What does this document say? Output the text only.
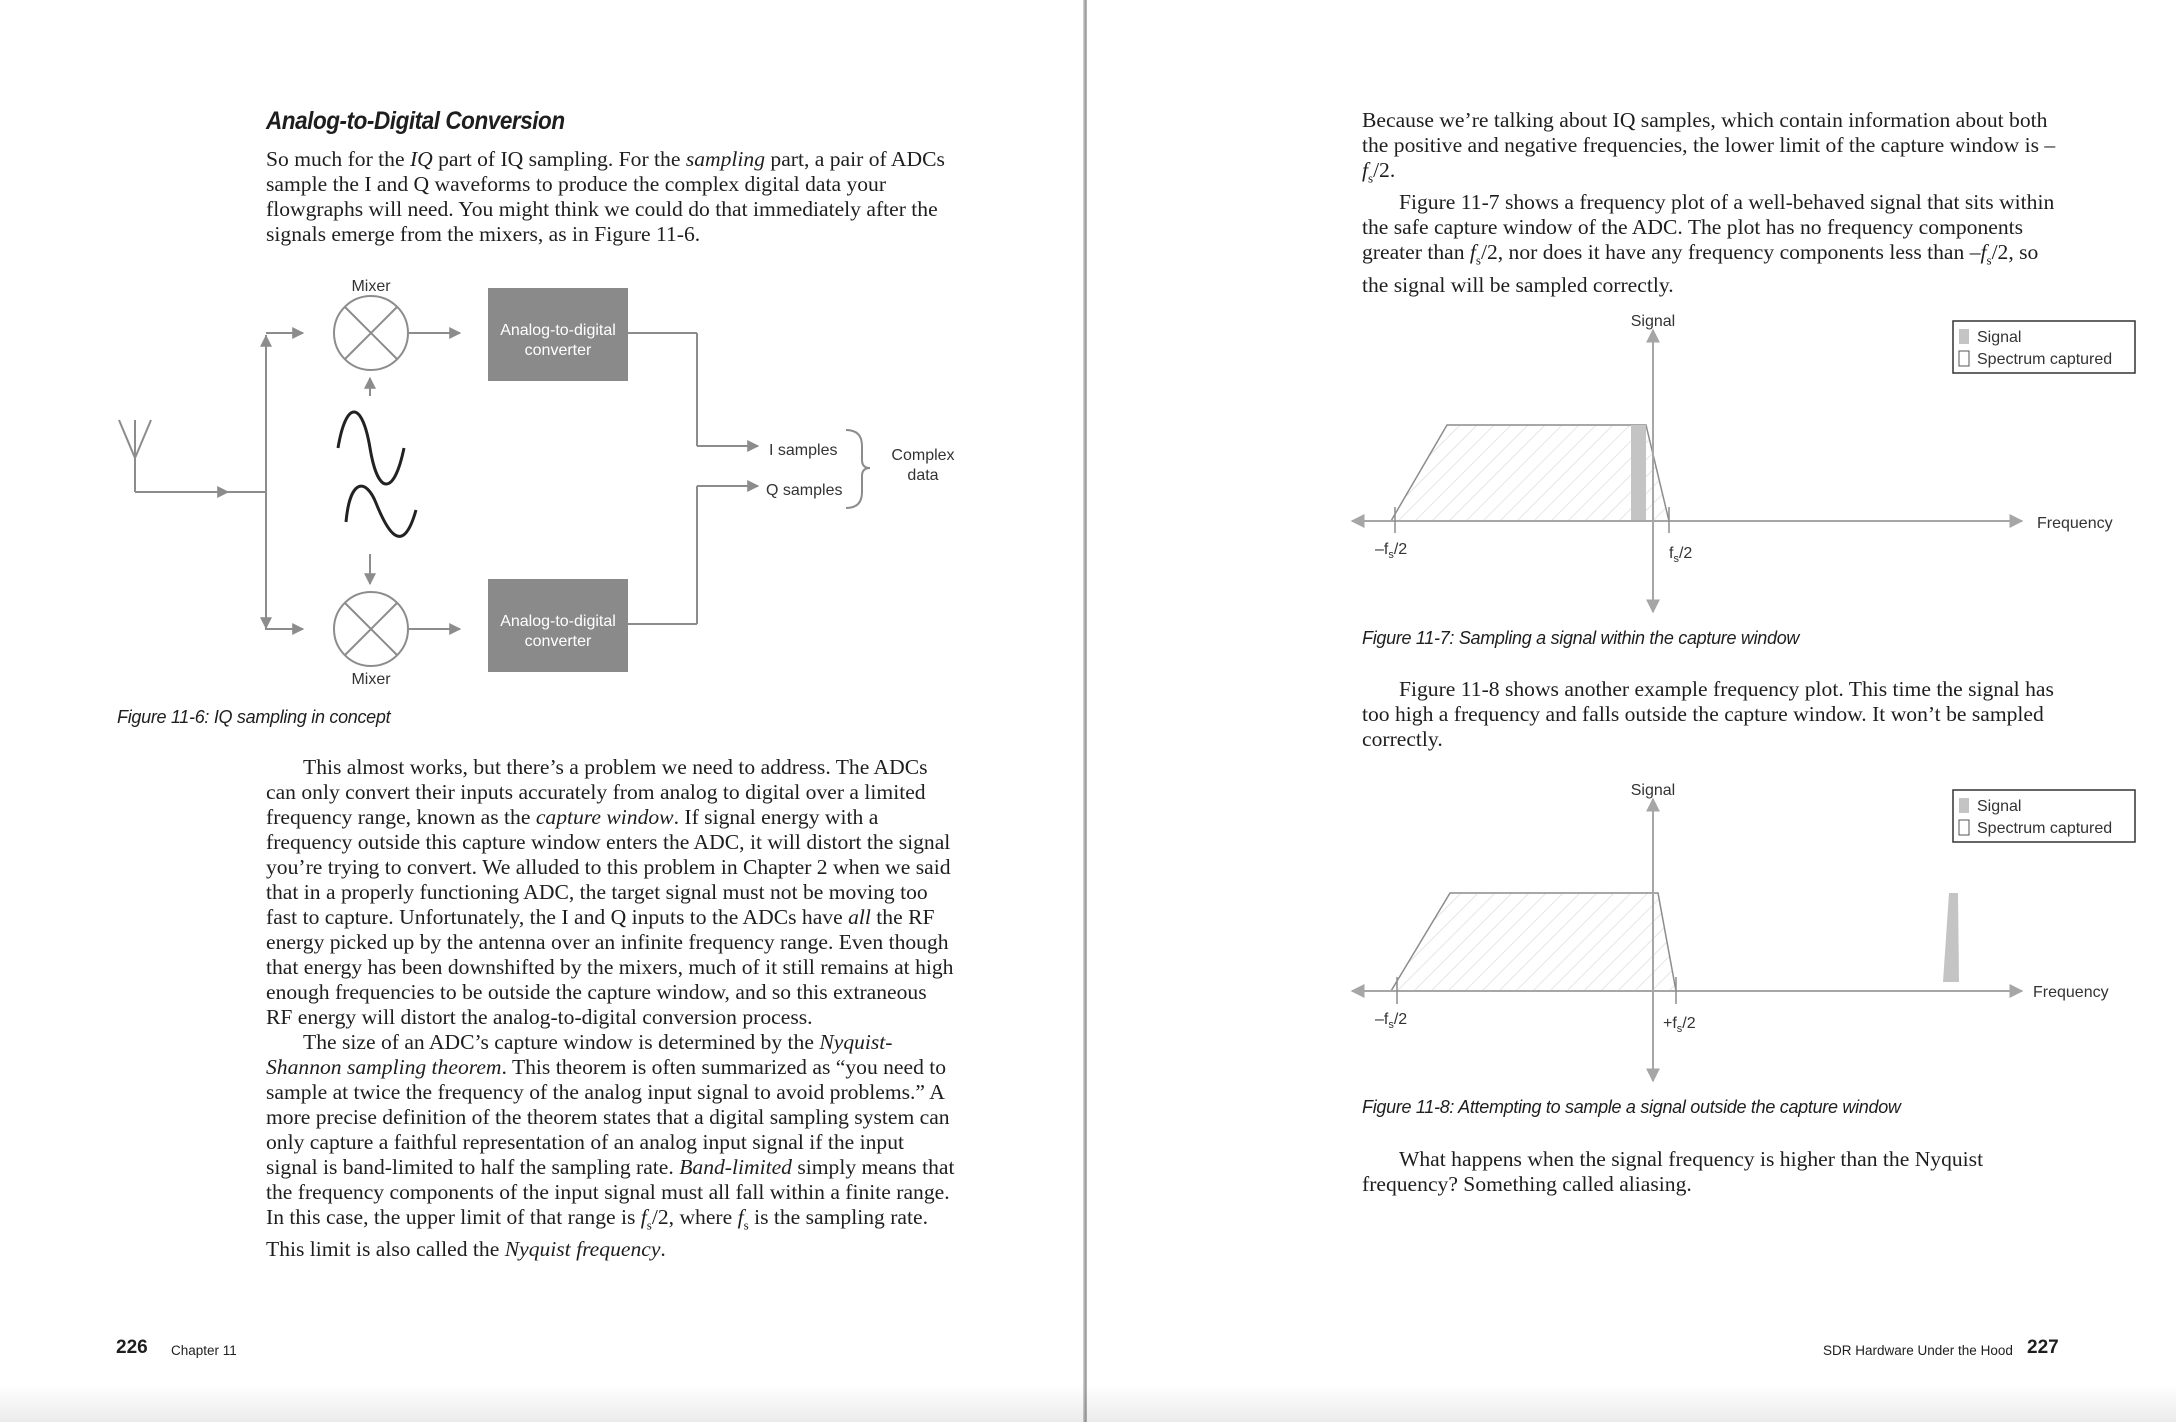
Analog-to-Digital Conversion
So much for the IQ part of IQ sampling. For the sampling part, a pair of ADCs sample the I and Q waveforms to produce the complex digital data your flowgraphs will need. You might think we could do that immediately after the signals emerge from the mixers, as in Figure 11-6.
Mixer
Mixer
Analog-to-digital
converter
Analog-to-digital
converter
I samples
Q samples
Complex
data

Figure 11-6: IQ sampling in concept

This almost works, but there’s a problem we need to address. The ADCs can only convert their inputs accurately from analog to digital over a limited frequency range, known as the capture window. If signal energy with a frequency outside this capture window enters the ADC, it will distort the signal you’re trying to convert. We alluded to this problem in Chapter 2 when we said that in a properly functioning ADC, the target signal must not be moving too fast to capture. Unfortunately, the I and Q inputs to the ADCs have all the RF energy picked up by the antenna over an infinite frequency range. Even though that energy has been downshifted by the mixers, much of it still remains at high enough frequencies to be outside the capture window, and so this extraneous RF energy will distort the analog-to-digital conversion process.

The size of an ADC’s capture window is determined by the Nyquist-Shannon sampling theorem. This theorem is often summarized as “you need to sample at twice the frequency of the analog input signal to avoid problems.” A more precise definition of the theorem states that a digital sampling system can only capture a faithful representation of an analog input signal if the input signal is band-limited to half the sampling rate. Band-limited simply means that the frequency components of the input signal must all fall within a finite range. In this case, the upper limit of that range is $f_s/2$, where $f_s$ is the sampling rate. This limit is also called the Nyquist frequency.

226 Chapter 11

Because we’re talking about IQ samples, which contain information about both the positive and negative frequencies, the lower limit of the capture window is $-f_s/2$.

Figure 11-7 shows a frequency plot of a well-behaved signal that sits within the safe capture window of the ADC. The plot has no frequency components greater than $f_s/2$, nor does it have any frequency components less than $-f_s/2$, so the signal will be sampled correctly.

Signal
Frequency
$-f_s/2$	$f_s/2$
Signal
Spectrum captured

Figure 11-7: Sampling a signal within the capture window

Figure 11-8 shows another example frequency plot. This time the signal has too high a frequency and falls outside the capture window. It won’t be sampled correctly.

Signal
Frequency
$-f_s/2$	$+f_s/2$
Signal
Spectrum captured

Figure 11-8: Attempting to sample a signal outside the capture window

What happens when the signal frequency is higher than the Nyquist frequency? Something called aliasing.

SDR Hardware Under the Hood 227
